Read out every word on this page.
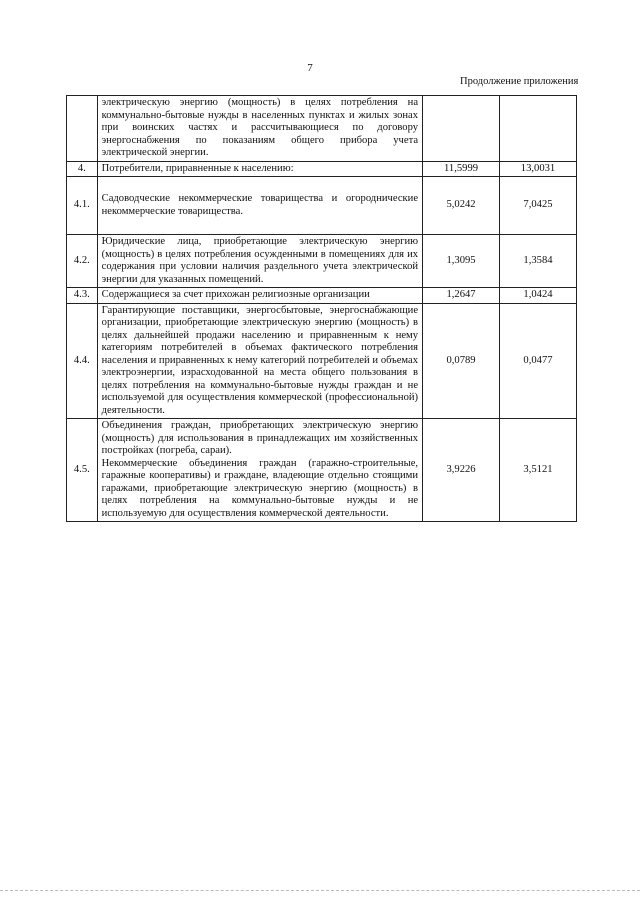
7
Продолжение приложения
	электрическую энергию (мощность) в целях потребления на коммунально-бытовые нужды в населенных пунктах и жилых зонах при воинских частях и рассчитывающиеся по договору энергоснабжения по показаниям общего прибора учета электрической энергии.		
4.	Потребители, приравненные к населению:	11,5999	13,0031
4.1.	Садоводческие некоммерческие товарищества и огороднические некоммерческие товарищества.	5,0242	7,0425
4.2.	Юридические лица, приобретающие электрическую энергию (мощность) в целях потребления осужденными в помещениях для их содержания при условии наличия раздельного учета электрической энергии для указанных помещений.	1,3095	1,3584
4.3.	Содержащиеся за счет прихожан религиозные организации	1,2647	1,0424
4.4.	Гарантирующие поставщики, энергосбытовые, энергоснабжающие организации, приобретающие электрическую энергию (мощность) в целях дальнейшей продажи населению и приравненным к нему категориям потребителей в объемах фактического потребления населения и приравненных к нему категорий потребителей и объемах электроэнергии, израсходованной на места общего пользования в целях потребления на коммунально-бытовые нужды граждан и не используемой для осуществления коммерческой (профессиональной) деятельности.	0,0789	0,0477
4.5.	Объединения граждан, приобретающих электрическую энергию (мощность) для использования в принадлежащих им хозяйственных постройках (погреба, сараи).
Некоммерческие объединения граждан (гаражно-строительные, гаражные кооперативы) и граждане, владеющие отдельно стоящими гаражами, приобретающие электрическую энергию (мощность) в целях потребления на коммунально-бытовые нужды и не используемую для осуществления коммерческой деятельности.	3,9226	3,5121
